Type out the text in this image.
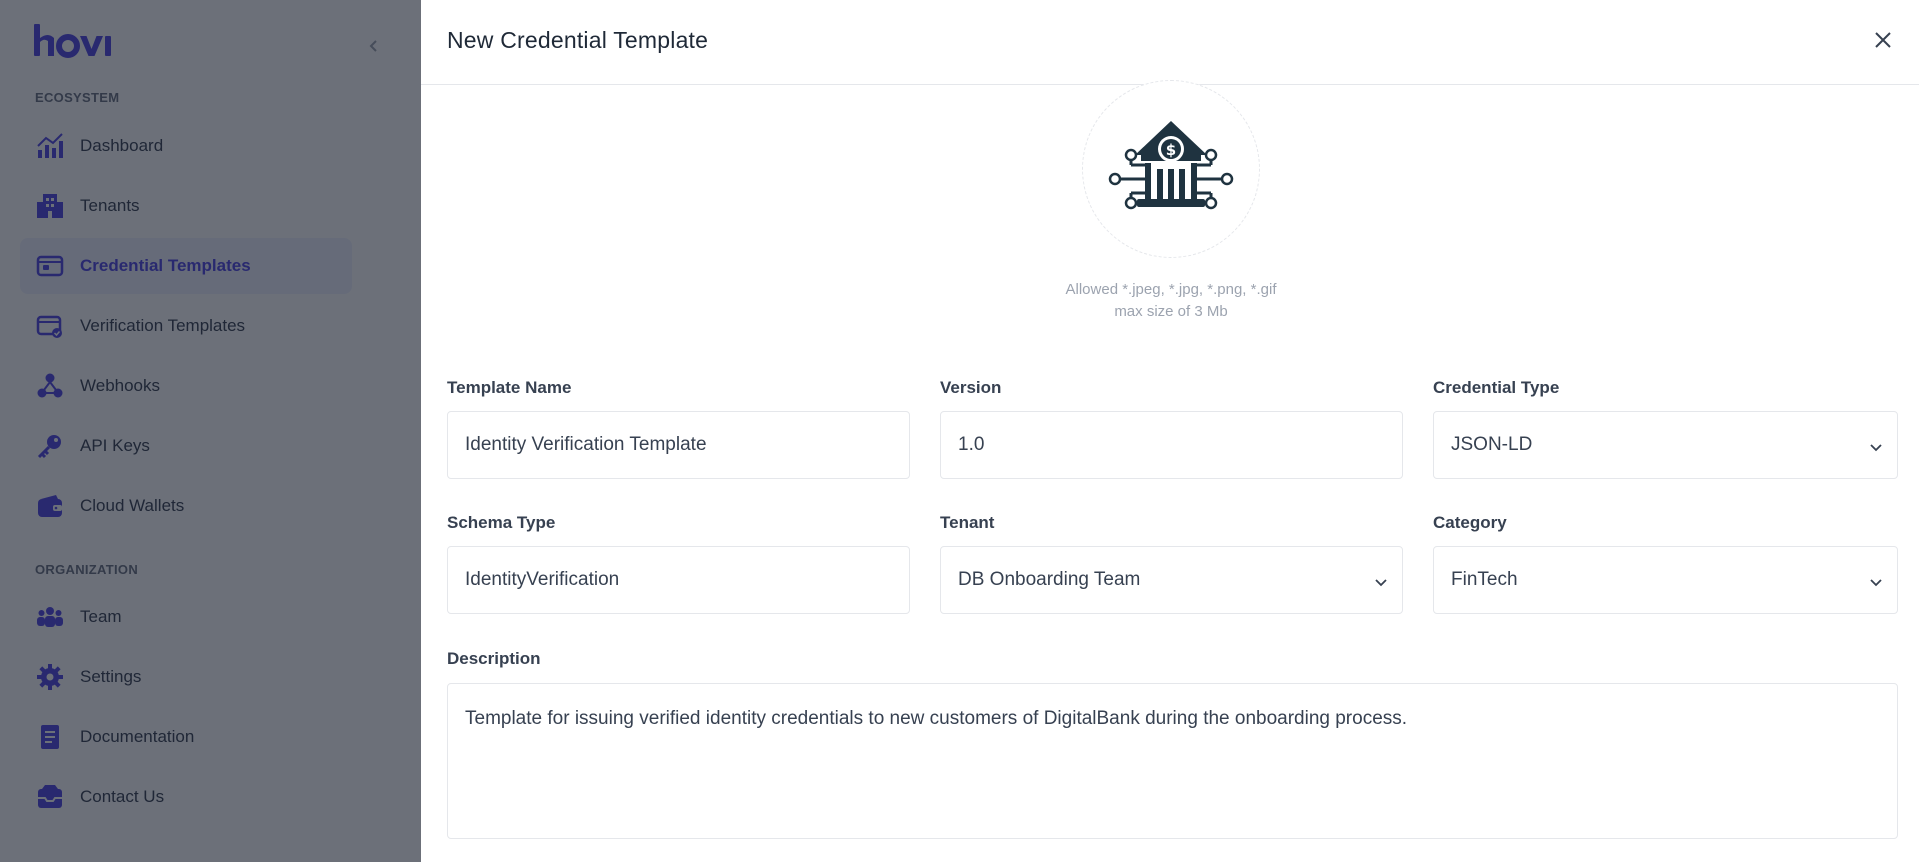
New Credential Template
$
Allowed *.jpeg, *.jpg, *.png, *.gif
max size of 3 Mb
Template Name
Identity Verification Template
Version
1.0
Credential Type
JSON-LD
Schema Type
IdentityVerification
Tenant
DB Onboarding Team
Category
FinTech
Description
Template for issuing verified identity credentials to new customers of DigitalBank during the onboarding process.
